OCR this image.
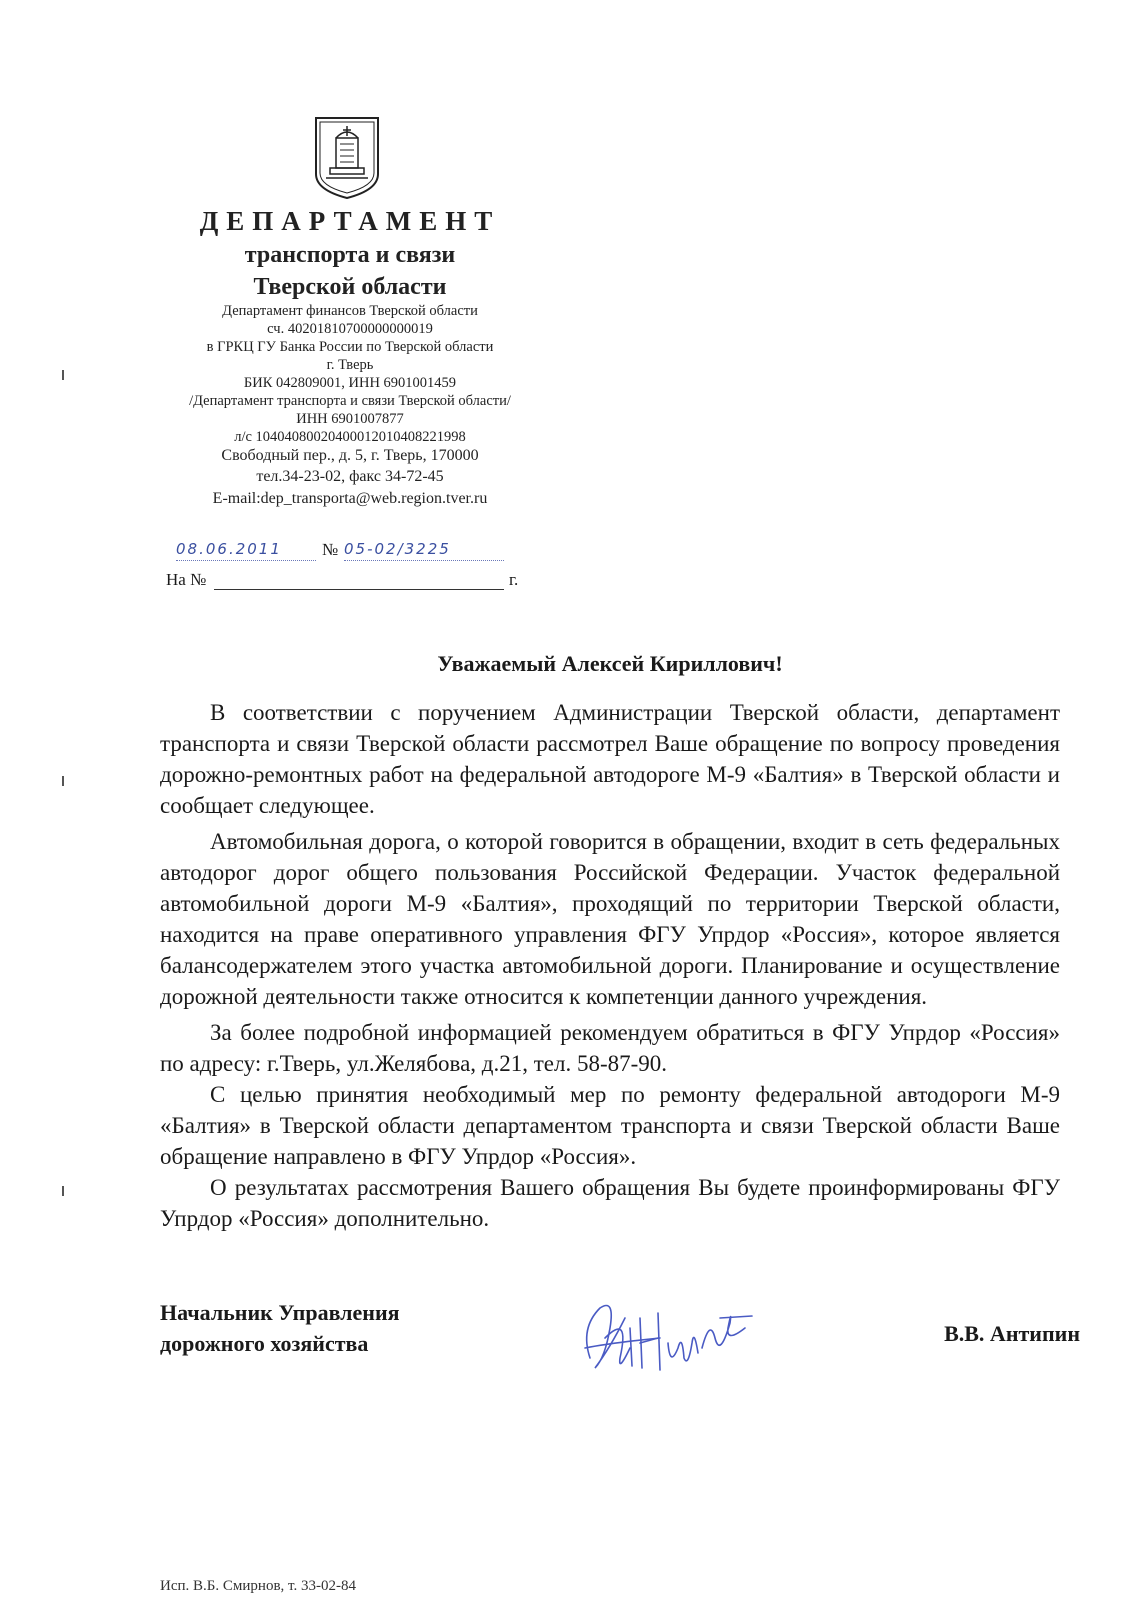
ДЕПАРТАМЕНТ
транспорта и связи
Тверской области
Департамент финансов Тверской области
сч. 40201810700000000019
в ГРКЦ ГУ Банка России по Тверской области
г. Тверь
БИК 042809001, ИНН 6901001459
/Департамент транспорта и связи Тверской области/
ИНН 6901007877
л/с 10404080020400012010408221998
Свободный пер., д. 5, г. Тверь, 170000
тел.34-23-02, факс 34-72-45
E-mail:dep_transporta@web.region.tver.ru
08.06.2011	№ 05-02/3225
На №	г.
Уважаемый Алексей Кириллович!

В соответствии с поручением Администрации Тверской области, департамент транспорта и связи Тверской области рассмотрел Ваше обращение по вопросу проведения дорожно-ремонтных работ на федеральной автодороге М-9 «Балтия» в Тверской области и сообщает следующее.

Автомобильная дорога, о которой говорится в обращении, входит в сеть федеральных автодорог дорог общего пользования Российской Федерации. Участок федеральной автомобильной дороги М-9 «Балтия», проходящий по территории Тверской области, находится на праве оперативного управления ФГУ Упрдор «Россия», которое является балансодержателем этого участка автомобильной дороги. Планирование и осуществление дорожной деятельности также относится к компетенции данного учреждения.

За более подробной информацией рекомендуем обратиться в ФГУ Упрдор «Россия» по адресу: г.Тверь, ул.Желябова, д.21, тел. 58-87-90.

С целью принятия необходимый мер по ремонту федеральной автодороги М-9 «Балтия» в Тверской области департаментом транспорта и связи Тверской области Ваше обращение направлено в ФГУ Упрдор «Россия».

О результатах рассмотрения Вашего обращения Вы будете проинформированы ФГУ Упрдор «Россия» дополнительно.

Начальник Управления
дорожного хозяйства	В.В. Антипин
Исп. В.Б. Смирнов, т. 33-02-84
